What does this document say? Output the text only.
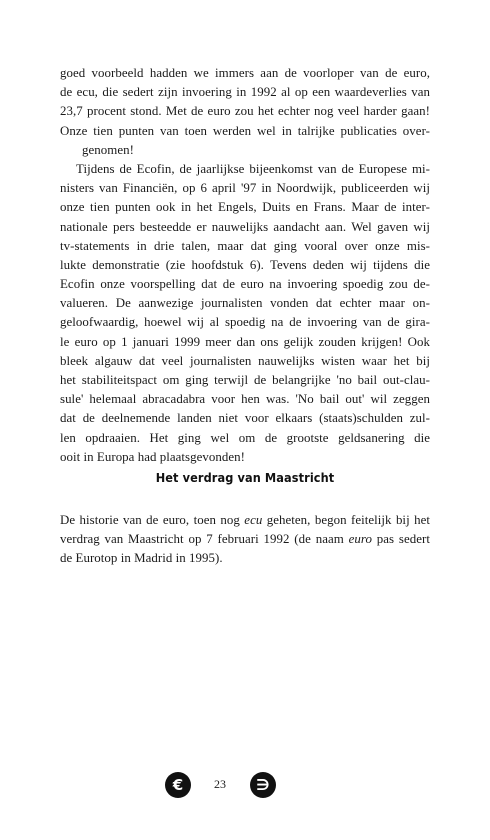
goed voorbeeld hadden we immers aan de voorloper van de euro,
de ecu, die sedert zijn invoering in 1992 al op een waardeverlies van
23,7 procent stond. Met de euro zou het echter nog veel harder gaan!
Onze tien punten van toen werden wel in talrijke publicaties over-
genomen!
Tijdens de Ecofin, de jaarlijkse bijeenkomst van de Europese mi-
nisters van Financiën, op 6 april '97 in Noordwijk, publiceerden wij
onze tien punten ook in het Engels, Duits en Frans. Maar de inter-
nationale pers besteedde er nauwelijks aandacht aan. Wel gaven wij
tv-statements in drie talen, maar dat ging vooral over onze mis-
lukte demonstratie (zie hoofdstuk 6). Tevens deden wij tijdens die
Ecofin onze voorspelling dat de euro na invoering spoedig zou de-
valueren. De aanwezige journalisten vonden dat echter maar on-
geloofwaardig, hoewel wij al spoedig na de invoering van de gira-
le euro op 1 januari 1999 meer dan ons gelijk zouden krijgen! Ook
bleek algauw dat veel journalisten nauwelijks wisten waar het bij
het stabiliteitspact om ging terwijl de belangrijke 'no bail out-clau-
sule' helemaal abracadabra voor hen was. 'No bail out' wil zeggen
dat de deelnemende landen niet voor elkaars (staats)schulden zul-
len opdraaien. Het ging wel om de grootste geldsanering die
ooit in Europa had plaatsgevonden!
Het verdrag van Maastricht
De historie van de euro, toen nog ecu geheten, begon feitelijk bij het
verdrag van Maastricht op 7 februari 1992 (de naam euro pas sedert
de Eurotop in Madrid in 1995).
€	23	∋
